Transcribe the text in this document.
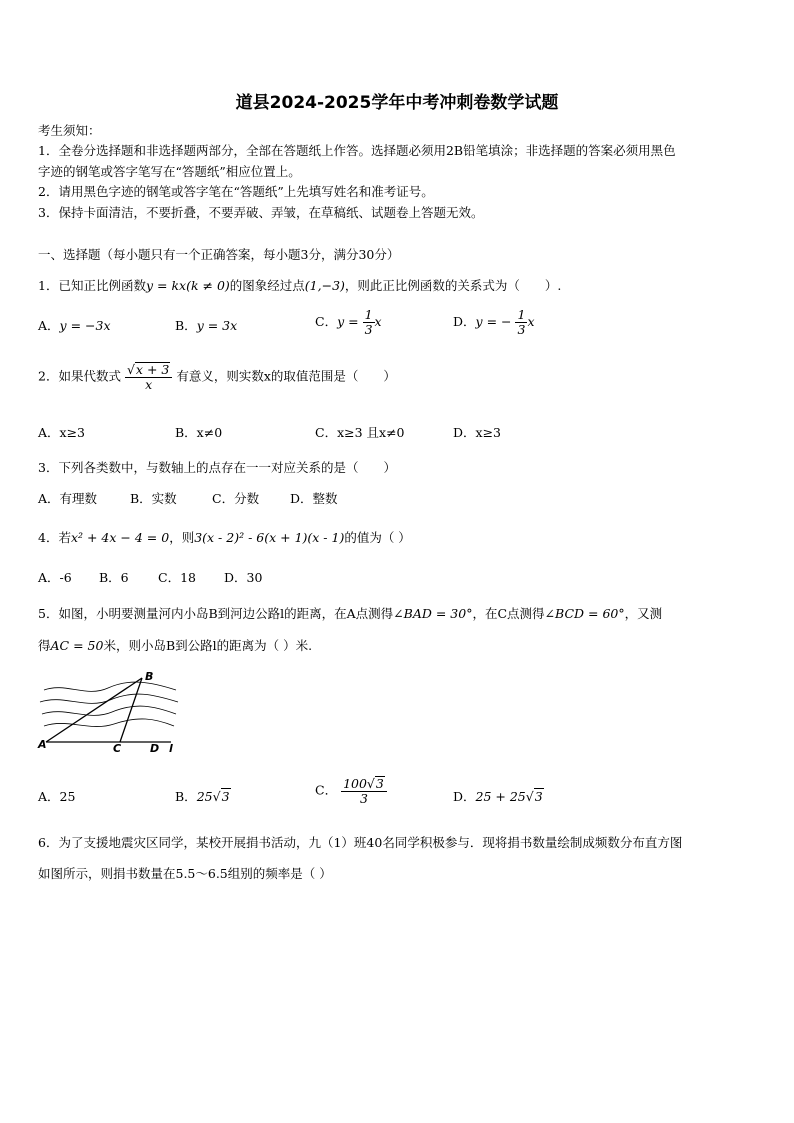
道县2024-2025学年中考冲刺卷数学试题
考生须知：
1．全卷分选择题和非选择题两部分，全部在答题纸上作答。选择题必须用2B铅笔填涂；非选择题的答案必须用黑色
字迹的钢笔或答字笔写在“答题纸”相应位置上。
2．请用黑色字迹的钢笔或答字笔在“答题纸”上先填写姓名和准考证号。
3．保持卡面清洁，不要折叠，不要弄破、弄皱，在草稿纸、试题卷上答题无效。
一、选择题（每小题只有一个正确答案，每小题3分，满分30分）
1．已知正比例函数y = kx(k ≠ 0)的图象经过点(1,−3)，则此正比例函数的关系式为（　　）.
A．y = −3x	B．y = 3x	C．$y = \frac{1}{3}$ x	D．y = − $\frac{1}{3}$ x
2．如果代数式 $\frac{√x + 3}{x}$ 有意义，则实数x的取值范围是（　　）
A．x≥3	B．x≠0	C．x≥3 且x≠0	D．x≥3
3．下列各类数中，与数轴上的点存在一一对应关系的是（　　）
A．有理数	B．实数	C．分数 D．整数
4．若x² + 4x − 4 = 0，则3(x - 2)² - 6(x + 1)(x - 1)的值为（ ）
A．-6 B．6 C．18 D．30
5．如图，小明要测量河内小岛B到河边公路l的距离，在A点测得∠BAD = 30°，在C点测得∠BCD = 60°，又测
得AC = 50米，则小岛B到公路l的距离为（ ）米.
A
B
C	D l
A．25	B．25√3	C． $\frac{100√3}{3}$	D．25 + 25√3
6．为了支援地震灾区同学，某校开展捐书活动，九（1）班40名同学积极参与．现将捐书数量绘制成频数分布直方图
如图所示，则捐书数量在5.5～6.5组别的频率是（ ）
